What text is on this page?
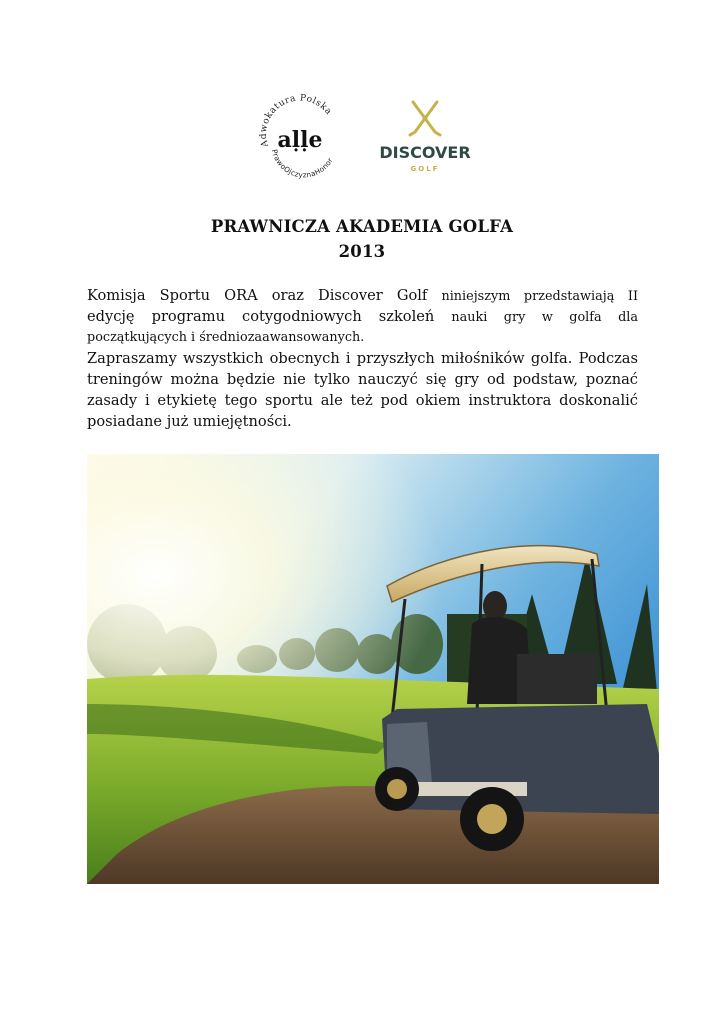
Adwokatura Polska
PrawoOjczyznaHonor
aḷḷe	DISCOVER
GOLF
PRAWNICZA AKADEMIA GOLFA
2013
Komisja Sportu ORA oraz Discover Golf niniejszym przedstawiają II
edycję programu cotygodniowych szkoleń nauki gry w golfa dla
początkujących i średniozaawansowanych.
Zapraszamy wszystkich obecnych i przyszłych miłośników golfa. Podczas treningów można będzie nie tylko nauczyć się gry od podstaw, poznać zasady i etykietę tego sportu ale też pod okiem instruktora doskonalić posiadane już umiejętności.
